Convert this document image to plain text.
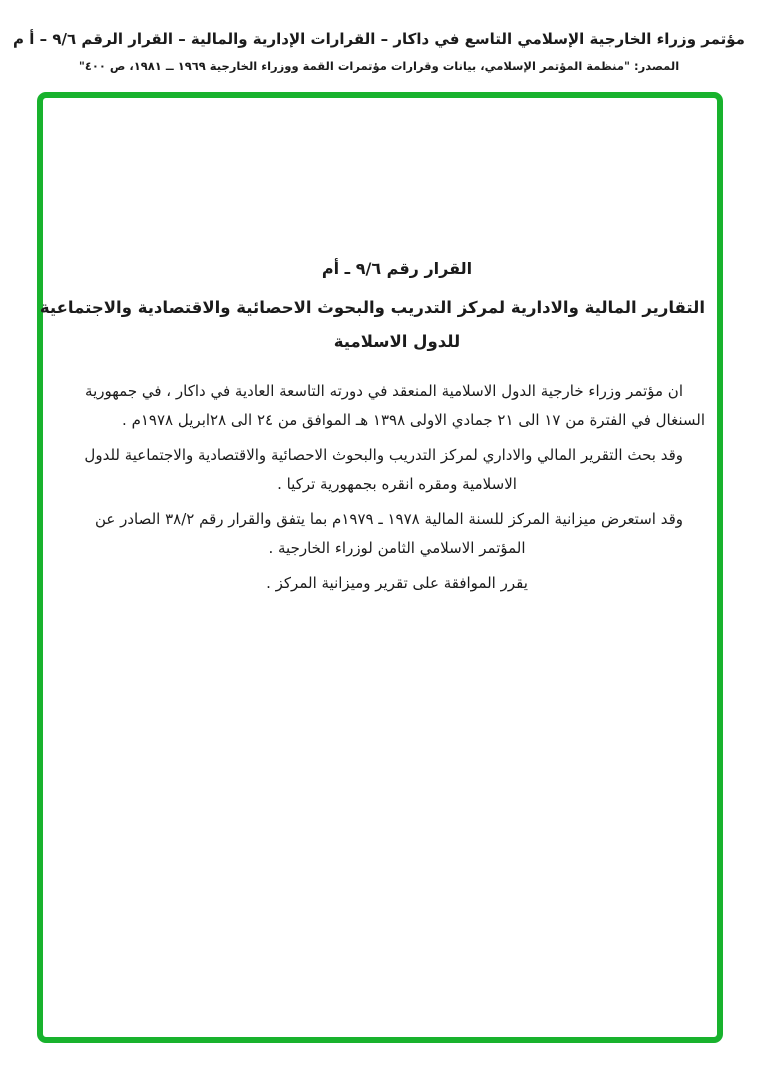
مؤتمر وزراء الخارجية الإسلامي التاسع في داكار – القرارات الإدارية والمالية – القرار الرقم ٩/٦ – أ م
المصدر: "منظمة المؤتمر الإسلامي، بيانات وقرارات مؤتمرات القمة ووزراء الخارجية ١٩٦٩ ــ ١٩٨١، ص ٤٠٠"
القرار رقم ٩/٦ ـ أم
التقارير المالية والادارية لمركز التدريب والبحوث الاحصائية والاقتصادية والاجتماعية
للدول الاسلامية
ان مؤتمر وزراء خارجية الدول الاسلامية المنعقد في دورته التاسعة العادية في داكار ، في جمهورية
السنغال في الفترة من ١٧ الى ٢١ جمادي الاولى ١٣٩٨ هـ الموافق من ٢٤ الى ٢٨ابريل ١٩٧٨م .
وقد بحث التقرير المالي والاداري لمركز التدريب والبحوث الاحصائية والاقتصادية والاجتماعية للدول
الاسلامية ومقره انقره بجمهورية تركيا .
وقد استعرض ميزانية المركز للسنة المالية ١٩٧٨ ـ ١٩٧٩م بما يتفق والقرار رقم ٣٨/٢ الصادر عن
المؤتمر الاسلامي الثامن لوزراء الخارجية .
يقرر الموافقة على تقرير وميزانية المركز .
